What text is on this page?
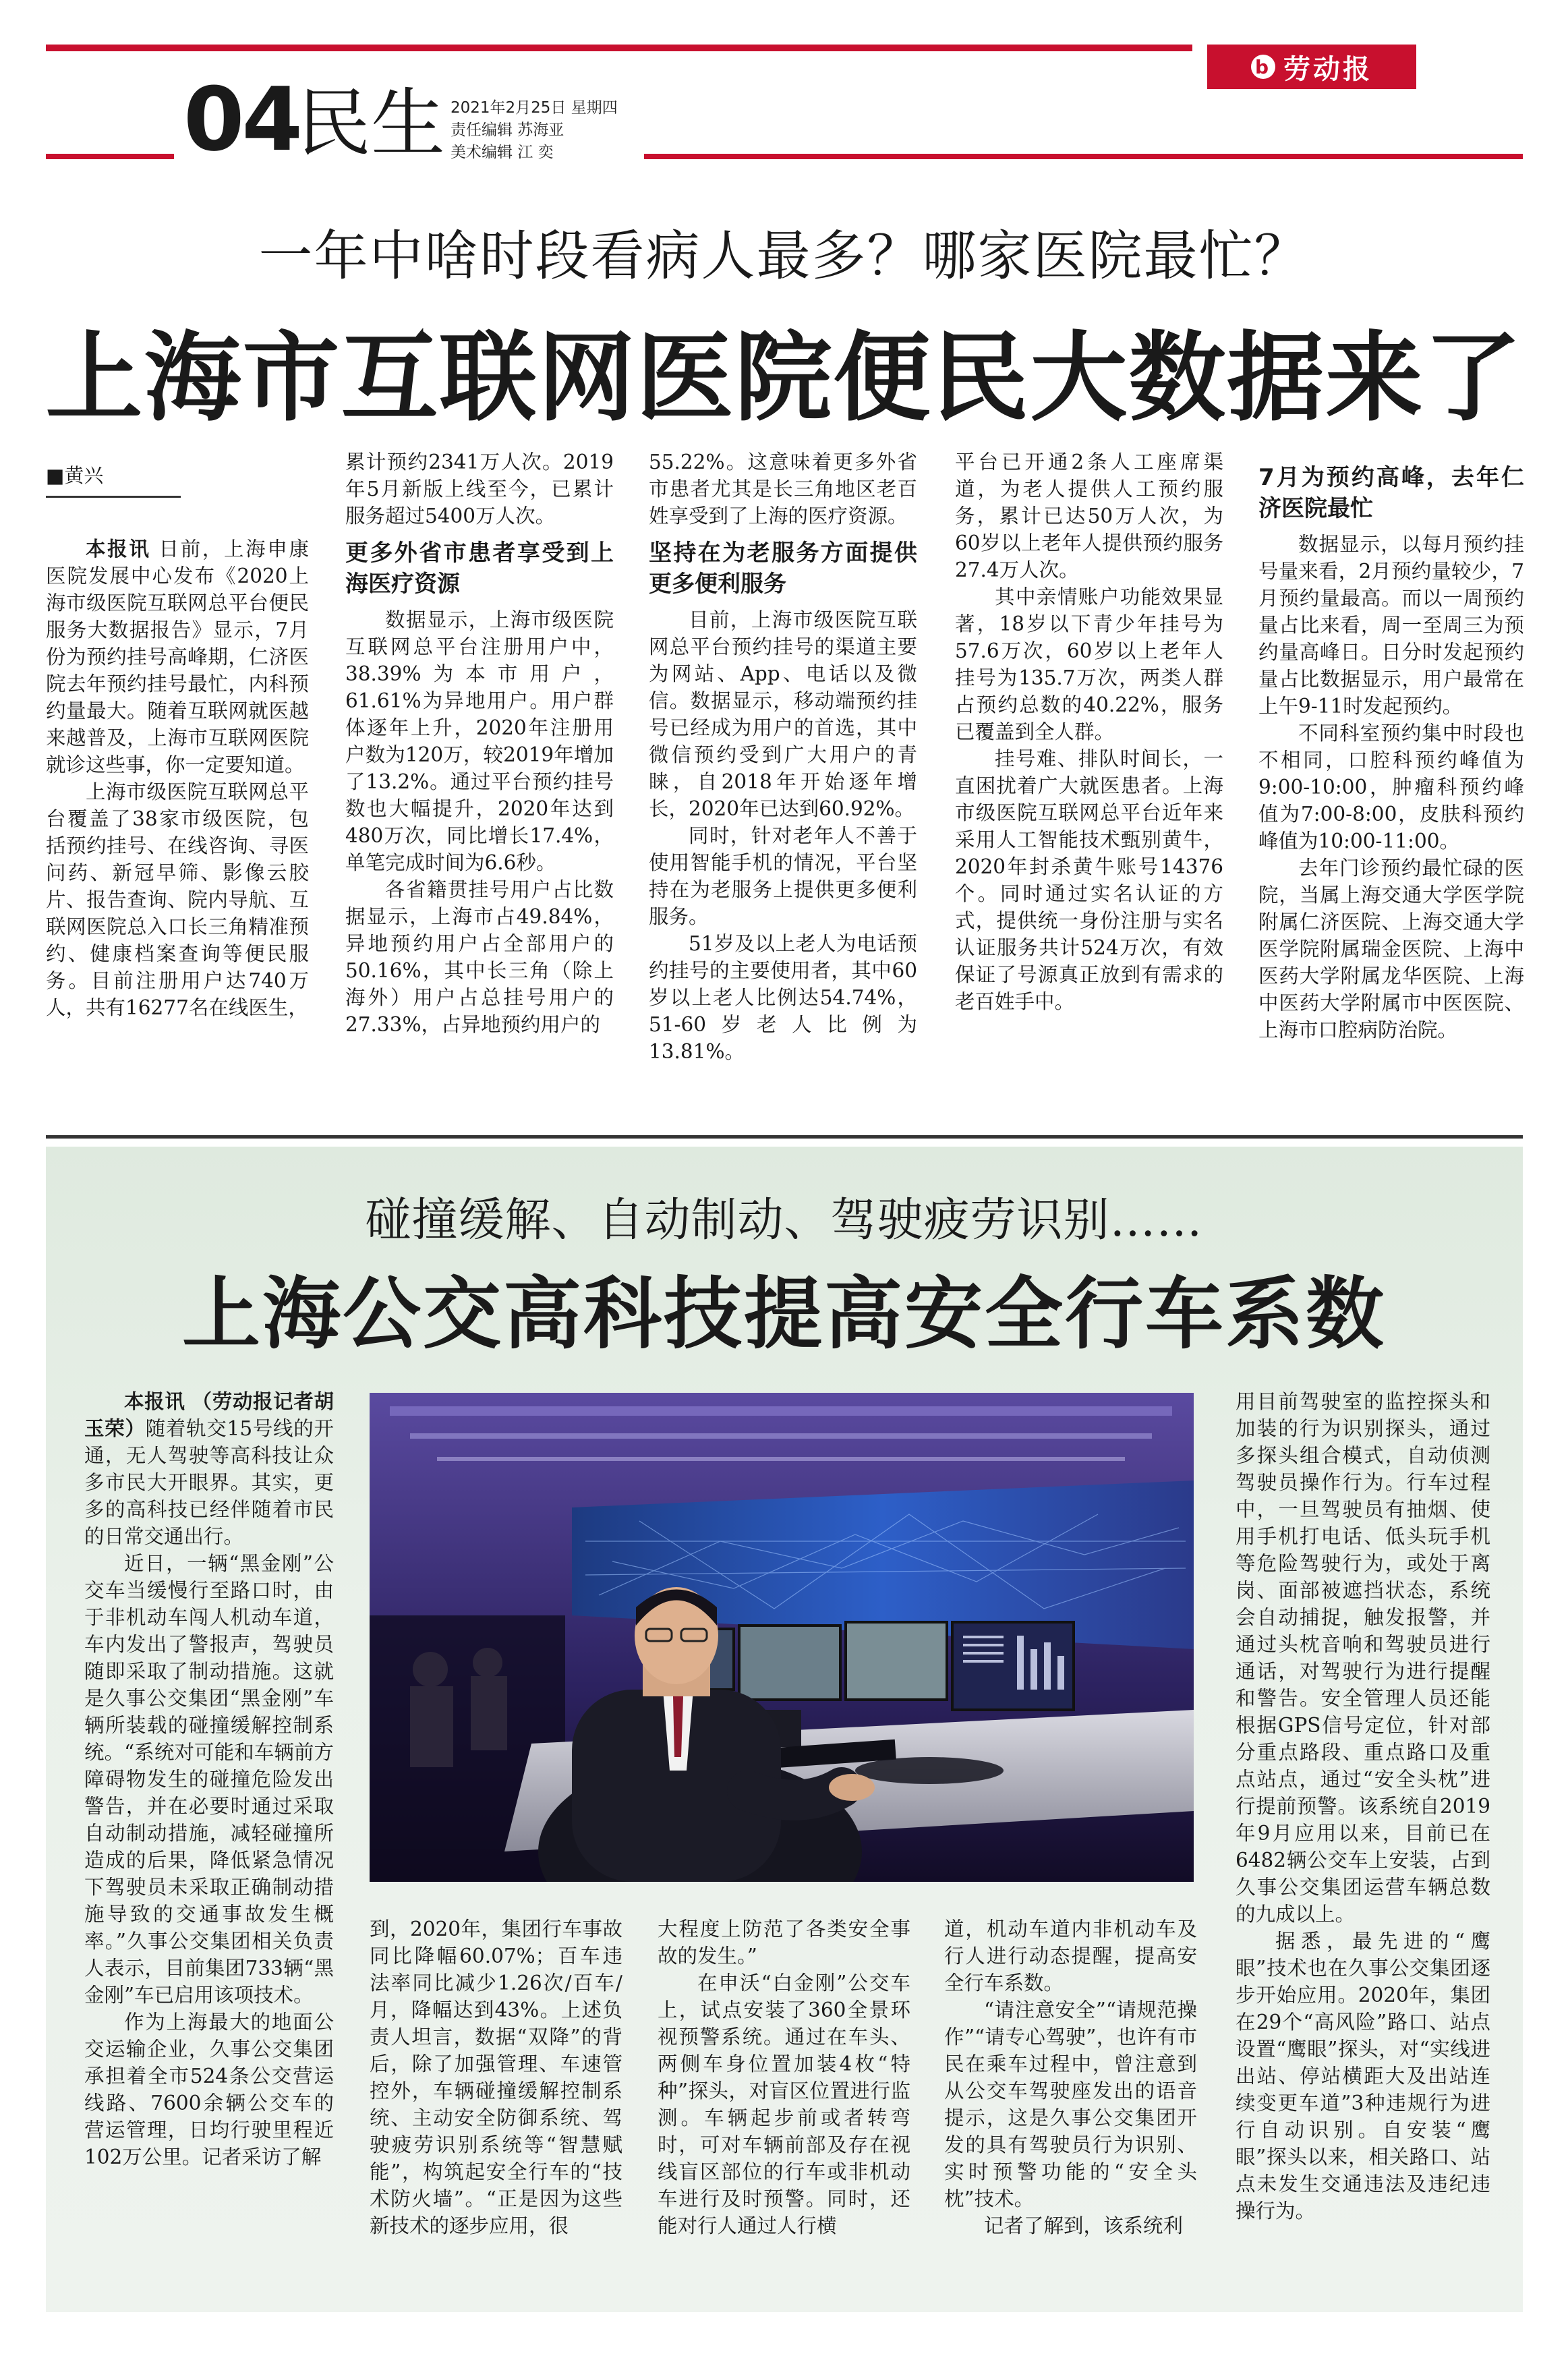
b 劳动报
04
民生 2021年2月25日 星期四
责任编辑 苏海亚
美术编辑 江 奕
一年中啥时段看病人最多？哪家医院最忙？
上海市互联网医院便民大数据来了
■黄兴

本报讯 日前，上海申康医院发展中心发布《2020上海市级医院互联网总平台便民服务大数据报告》显示，7月份为预约挂号高峰期，仁济医院去年预约挂号最忙，内科预约量最大。随着互联网就医越来越普及，上海市互联网医院就诊这些事，你一定要知道。

上海市级医院互联网总平台覆盖了38家市级医院，包括预约挂号、在线咨询、寻医问药、新冠早筛、影像云胶片、报告查询、院内导航、互联网医院总入口长三角精准预约、健康档案查询等便民服务。目前注册用户达740万人，共有16277名在线医生，

累计预约2341万人次。2019年5月新版上线至今，已累计服务超过5400万人次。

更多外省市患者享受到上海医疗资源

数据显示，上海市级医院互联网总平台注册用户中，38.39%为本市用户，61.61%为异地用户。用户群体逐年上升，2020年注册用户数为120万，较2019年增加了13.2%。通过平台预约挂号数也大幅提升，2020年达到480万次，同比增长17.4%，单笔完成时间为6.6秒。

各省籍贯挂号用户占比数据显示，上海市占49.84%，异地预约用户占全部用户的50.16%，其中长三角（除上海外）用户占总挂号用户的27.33%，占异地预约用户的

55.22%。这意味着更多外省市患者尤其是长三角地区老百姓享受到了上海的医疗资源。

坚持在为老服务方面提供更多便利服务

目前，上海市级医院互联网总平台预约挂号的渠道主要为网站、App、电话以及微信。数据显示，移动端预约挂号已经成为用户的首选，其中微信预约受到广大用户的青睐，自2018年开始逐年增长，2020年已达到60.92%。

同时，针对老年人不善于使用智能手机的情况，平台坚持在为老服务上提供更多便利服务。

51岁及以上老人为电话预约挂号的主要使用者，其中60岁以上老人比例达54.74%，51-60岁老人比例为13.81%。

平台已开通2条人工座席渠道，为老人提供人工预约服务，累计已达50万人次，为60岁以上老年人提供预约服务27.4万人次。

其中亲情账户功能效果显著，18岁以下青少年挂号为57.6万次，60岁以上老年人挂号为135.7万次，两类人群占预约总数的40.22%，服务已覆盖到全人群。

挂号难、排队时间长，一直困扰着广大就医患者。上海市级医院互联网总平台近年来采用人工智能技术甄别黄牛，2020年封杀黄牛账号14376个。同时通过实名认证的方式，提供统一身份注册与实名认证服务共计524万次，有效保证了号源真正放到有需求的老百姓手中。

7月为预约高峰，去年仁济医院最忙

数据显示，以每月预约挂号量来看，2月预约量较少，7月预约量最高。而以一周预约量占比来看，周一至周三为预约量高峰日。日分时发起预约量占比数据显示，用户最常在上午9-11时发起预约。

不同科室预约集中时段也不相同，口腔科预约峰值为9:00-10:00，肿瘤科预约峰值为7:00-8:00，皮肤科预约峰值为10:00-11:00。

去年门诊预约最忙碌的医院，当属上海交通大学医学院附属仁济医院、上海交通大学医学院附属瑞金医院、上海中医药大学附属龙华医院、上海中医药大学附属市中医医院、上海市口腔病防治院。

碰撞缓解、自动制动、驾驶疲劳识别……
上海公交高科技提高安全行车系数

本报讯 （劳动报记者胡玉荣）随着轨交15号线的开通，无人驾驶等高科技让众多市民大开眼界。其实，更多的高科技已经伴随着市民的日常交通出行。

近日，一辆“黑金刚”公交车当缓慢行至路口时，由于非机动车闯人机动车道，车内发出了警报声，驾驶员随即采取了制动措施。这就是久事公交集团“黑金刚”车辆所装载的碰撞缓解控制系统。“系统对可能和车辆前方障碍物发生的碰撞危险发出警告，并在必要时通过采取自动制动措施，减轻碰撞所造成的后果，降低紧急情况下驾驶员未采取正确制动措施导致的交通事故发生概率。”久事公交集团相关负责人表示，目前集团733辆“黑金刚”车已启用该项技术。

作为上海最大的地面公交运输企业，久事公交集团承担着全市524条公交营运线路、7600余辆公交车的营运管理，日均行驶里程近102万公里。记者采访了解

到，2020年，集团行车事故同比降幅60.07%；百车违法率同比减少1.26次/百车/月，降幅达到43%。上述负责人坦言，数据“双降”的背后，除了加强管理、车速管控外，车辆碰撞缓解控制系统、主动安全防御系统、驾驶疲劳识别系统等“智慧赋能”，构筑起安全行车的“技术防火墙”。“正是因为这些新技术的逐步应用，很

大程度上防范了各类安全事故的发生。”

在申沃“白金刚”公交车上，试点安装了360全景环视预警系统。通过在车头、两侧车身位置加装4枚“特种”探头，对盲区位置进行监测。车辆起步前或者转弯时，可对车辆前部及存在视线盲区部位的行车或非机动车进行及时预警。同时，还能对行人通过人行横

道，机动车道内非机动车及行人进行动态提醒，提高安全行车系数。

“请注意安全”“请规范操作”“请专心驾驶”，也许有市民在乘车过程中，曾注意到从公交车驾驶座发出的语音提示，这是久事公交集团开发的具有驾驶员行为识别、实时预警功能的“安全头枕”技术。

记者了解到，该系统利

用目前驾驶室的监控探头和加装的行为识别探头，通过多探头组合模式，自动侦测驾驶员操作行为。行车过程中，一旦驾驶员有抽烟、使用手机打电话、低头玩手机等危险驾驶行为，或处于离岗、面部被遮挡状态，系统会自动捕捉，触发报警，并通过头枕音响和驾驶员进行通话，对驾驶行为进行提醒和警告。安全管理人员还能根据GPS信号定位，针对部分重点路段、重点路口及重点站点，通过“安全头枕”进行提前预警。该系统自2019年9月应用以来，目前已在6482辆公交车上安装，占到久事公交集团运营车辆总数的九成以上。

据悉，最先进的“鹰眼”技术也在久事公交集团逐步开始应用。2020年，集团在29个“高风险”路口、站点设置“鹰眼”探头，对“实线进出站、停站横距大及出站连续变更车道”3种违规行为进行自动识别。自安装“鹰眼”探头以来，相关路口、站点未发生交通违法及违纪违操行为。
